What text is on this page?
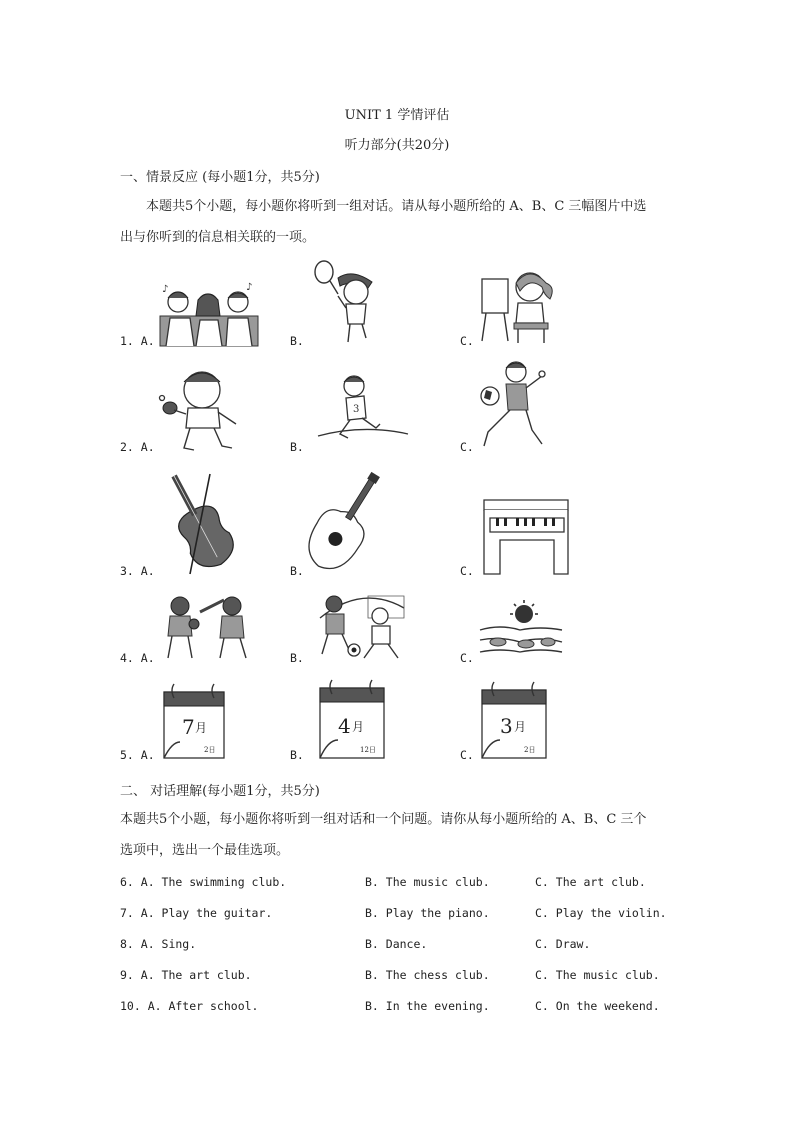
UNIT 1 学情评估
听力部分(共20分)
一、情景反应 (每小题1分，共5分)
本题共5个小题，每小题你将听到一组对话。请从每小题所给的 A、B、C 三幅图片中选
出与你听到的信息相关联的一项。
1. A.	B.	C.
2. A.	B.	C.
3. A.	B.	C.
4. A.	B.	C.
5. A.	B.	C.
♪	♪
3
7 月
2日
4 月
12日
3 月
2日
二、 对话理解(每小题1分，共5分)
本题共5个小题，每小题你将听到一组对话和一个问题。请你从每小题所给的 A、B、C 三个
选项中，选出一个最佳选项。
6. A. The swimming club.	B. The music club.	C. The art club.
7. A. Play the guitar.	B. Play the piano.	C. Play the violin.
8. A. Sing.	B. Dance.	C. Draw.
9. A. The art club.	B. The chess club.	C. The music club.
10. A. After school.	B. In the evening.	C. On the weekend.
